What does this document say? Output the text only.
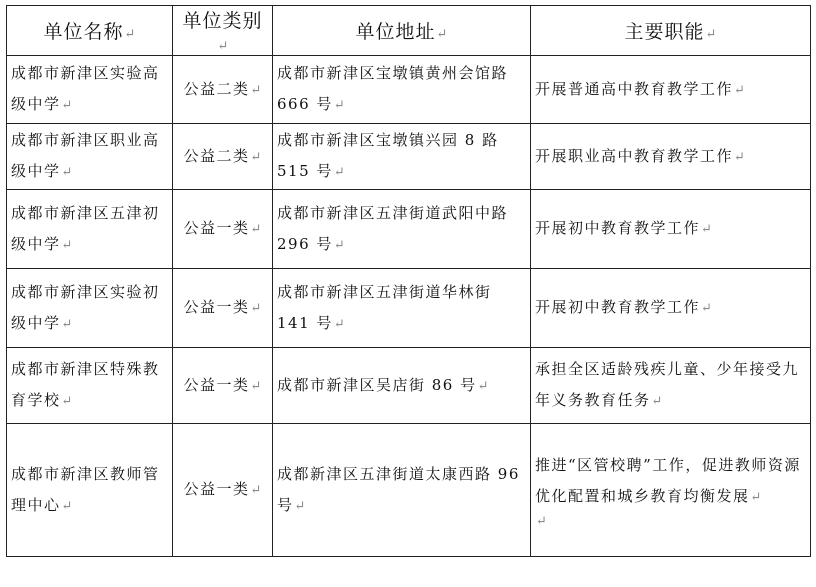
单位名称 ↵	单位类别 ↵	单位地址 ↵	主要职能 ↵
成都市新津区实验高级中学 ↵	公益二类 ↵	成都市新津区宝墩镇黄州会馆路 666 号 ↵	开展普通高中教育教学工作 ↵
成都市新津区职业高级中学 ↵	公益二类 ↵	成都市新津区宝墩镇兴园 8 路 515 号 ↵	开展职业高中教育教学工作 ↵
成都市新津区五津初级中学 ↵	公益一类 ↵	成都市新津区五津街道武阳中路 296 号 ↵	开展初中教育教学工作 ↵
成都市新津区实验初级中学 ↵	公益一类 ↵	成都市新津区五津街道华林街 141 号 ↵	开展初中教育教学工作 ↵
成都市新津区特殊教育学校 ↵	公益一类 ↵	成都市新津区吴店街 86 号 ↵	承担全区适龄残疾儿童、少年接受九年义务教育任务 ↵
成都市新津区教师管理中心 ↵	公益一类 ↵	成都新津区五津街道太康西路 96 号 ↵	推进“区管校聘”工作，促进教师资源优化配置和城乡教育均衡发展 ↵
↵
